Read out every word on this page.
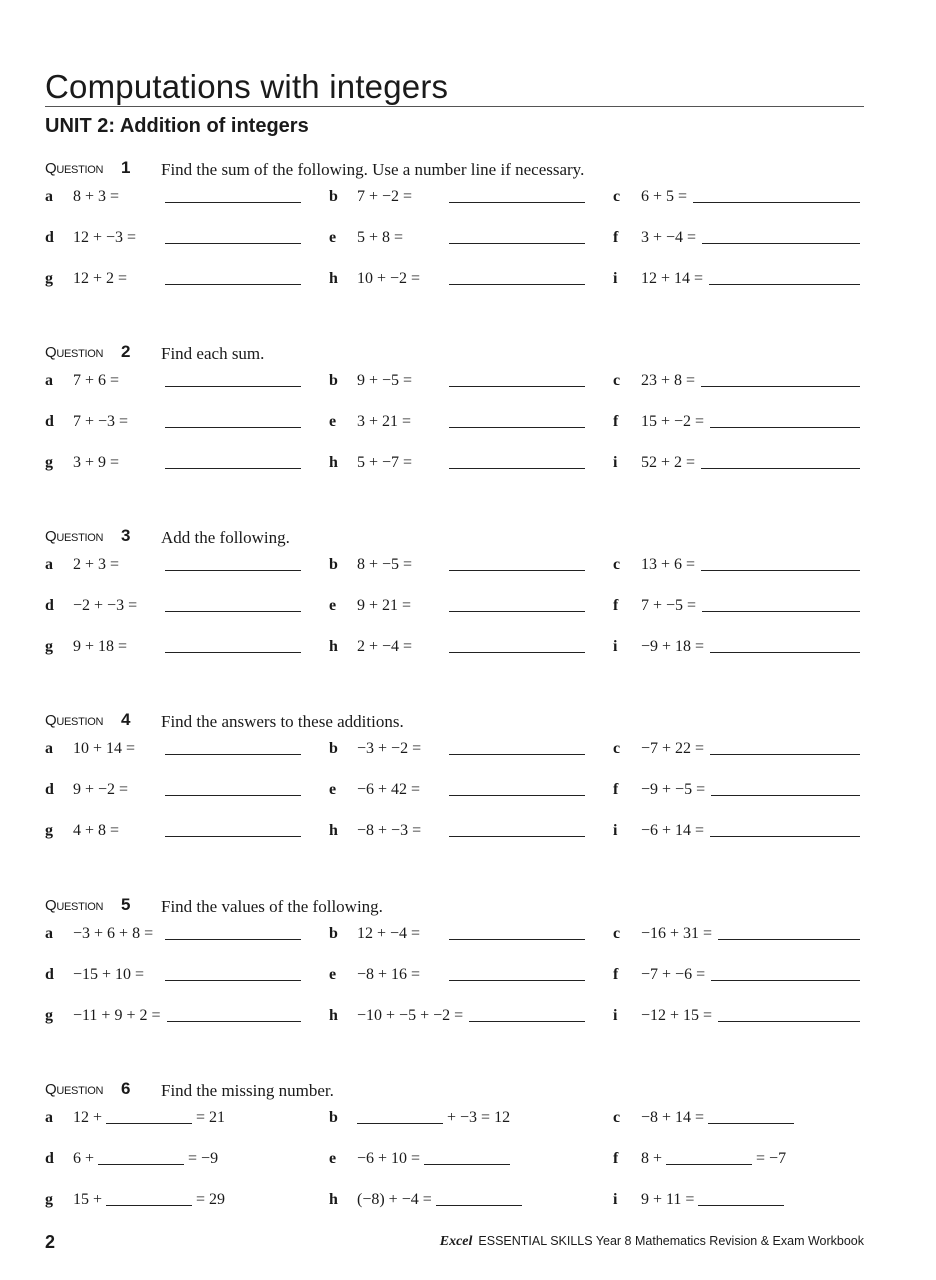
Computations with integers
UNIT 2: Addition of integers
Question 1 Find the sum of the following. Use a number line if necessary.
a 8 + 3 =	b 7 + −2 =	c 6 + 5 =
d 12 + −3 =	e 5 + 8 =	f 3 + −4 =
g 12 + 2 =	h 10 + −2 =	i 12 + 14 =
Question 2 Find each sum.
a 7 + 6 =	b 9 + −5 =	c 23 + 8 =
d 7 + −3 =	e 3 + 21 =	f 15 + −2 =
g 3 + 9 =	h 5 + −7 =	i 52 + 2 =
Question 3 Add the following.
a 2 + 3 =	b 8 + −5 =	c 13 + 6 =
d −2 + −3 =	e 9 + 21 =	f 7 + −5 =
g 9 + 18 =	h 2 + −4 =	i −9 + 18 =
Question 4 Find the answers to these additions.
a 10 + 14 =	b −3 + −2 =	c −7 + 22 =
d 9 + −2 =	e −6 + 42 =	f −9 + −5 =
g 4 + 8 =	h −8 + −3 =	i −6 + 14 =
Question 5 Find the values of the following.
a −3 + 6 + 8 =	b 12 + −4 =	c −16 + 31 =
d −15 + 10 =	e −8 + 16 =	f −7 + −6 =
g −11 + 9 + 2 =	h −10 + −5 + −2 =	i −12 + 15 =
Question 6 Find the missing number.
a 12 +	= 21	b	+ −3 = 12	c −8 + 14 =
d 6 +	= −9	e −6 + 10 =	f 8 +	= −7
g 15 +	= 29	h (−8) + −4 =	i 9 + 11 =
2	Excel ESSENTIAL SKILLS Year 8 Mathematics Revision & Exam Workbook
